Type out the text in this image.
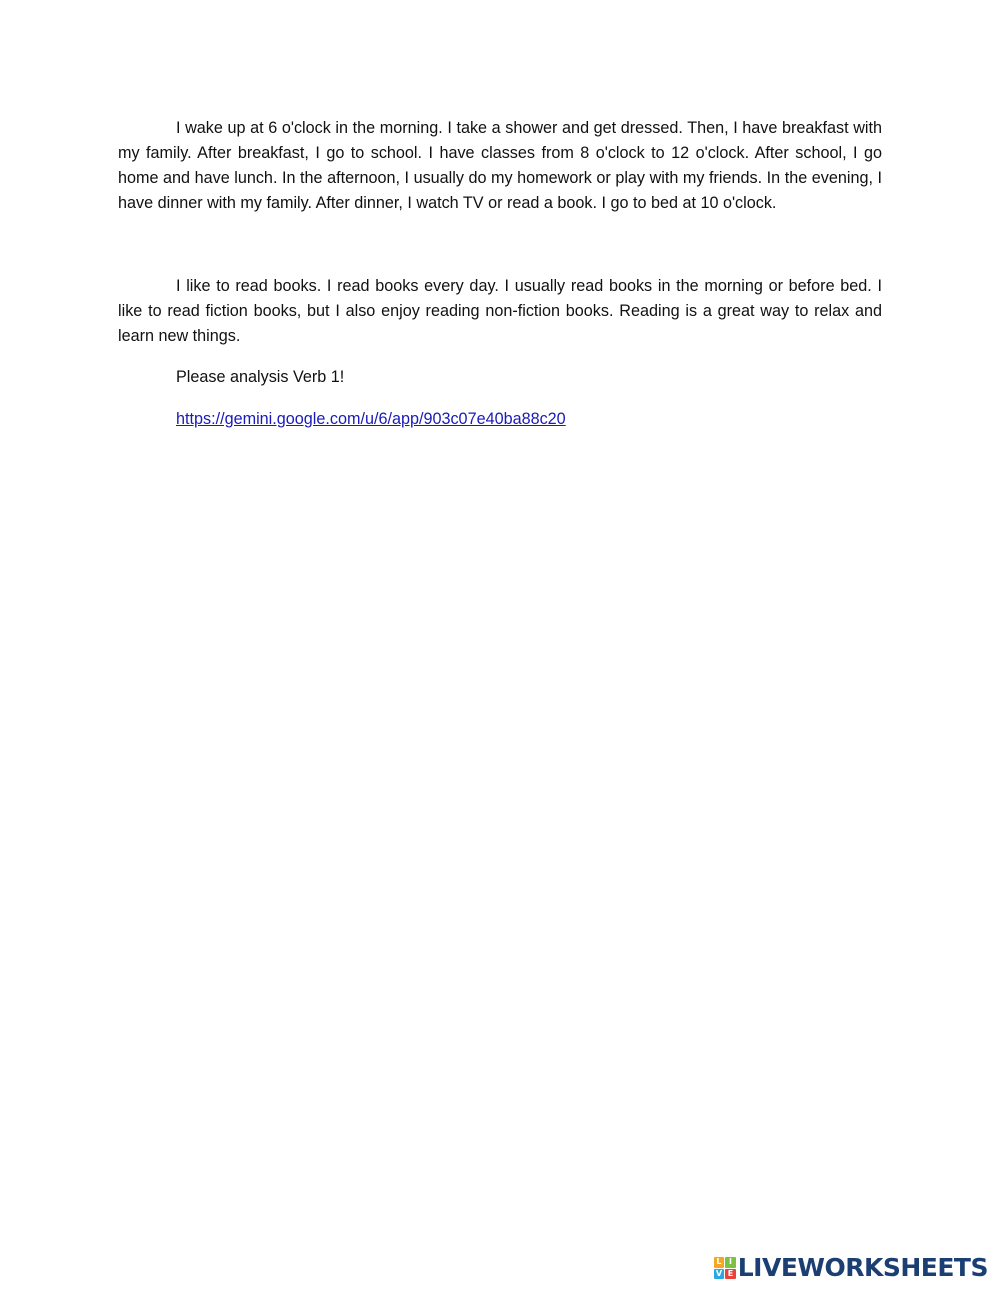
I wake up at 6 o'clock in the morning. I take a shower and get dressed. Then, I have breakfast with my family. After breakfast, I go to school. I have classes from 8 o'clock to 12 o'clock. After school, I go home and have lunch. In the afternoon, I usually do my homework or play with my friends. In the evening, I have dinner with my family. After dinner, I watch TV or read a book. I go to bed at 10 o'clock.

I like to read books. I read books every day. I usually read books in the morning or before bed. I like to read fiction books, but I also enjoy reading non-fiction books. Reading is a great way to relax and learn new things.

Please analysis Verb 1!

https://gemini.google.com/u/6/app/903c07e40ba88c20

L I
V E LIVEWORKSHEETS
